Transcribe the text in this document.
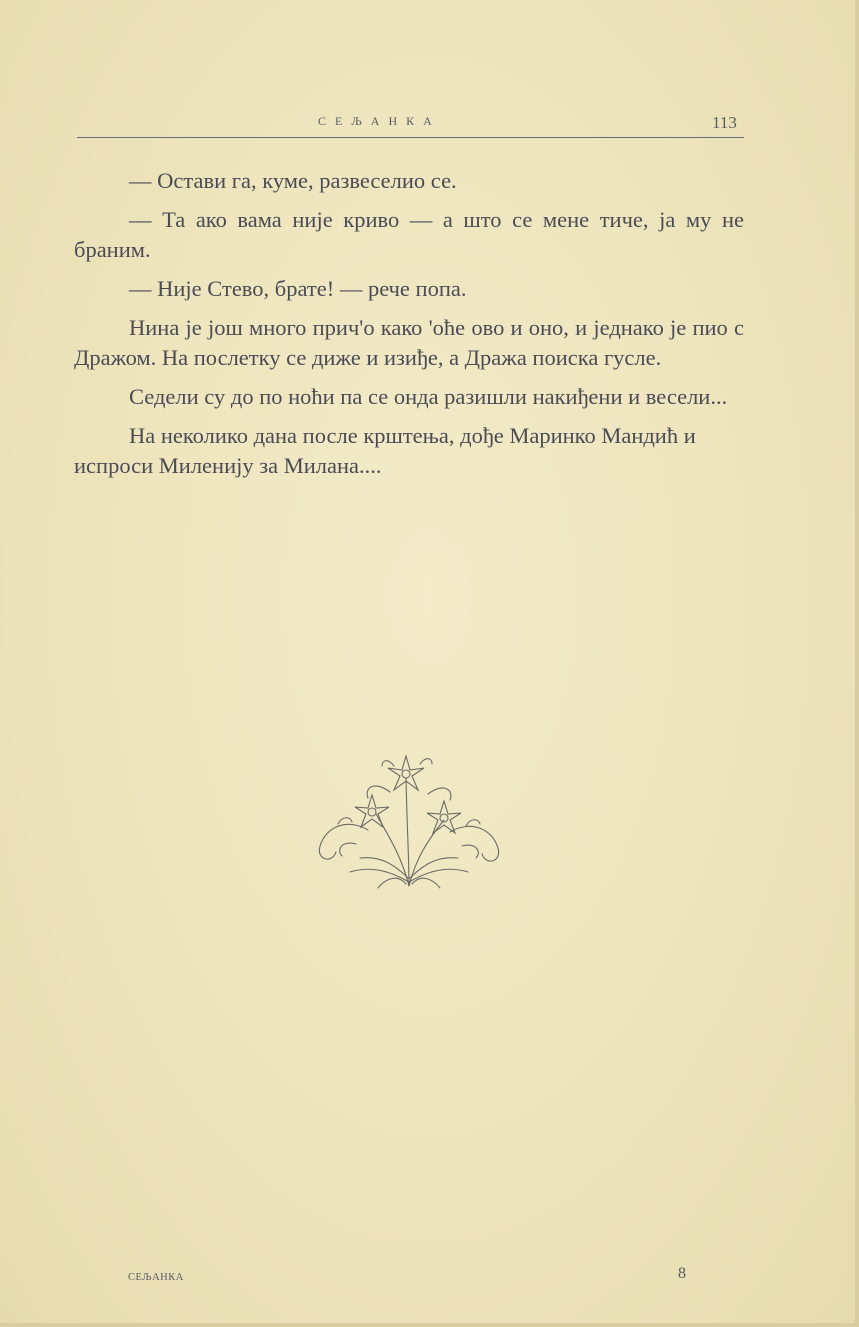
СЕЉАНКА	113

— Остави га, куме, развеселио се.

— Та ако вама није криво — а што се мене тиче, ја му не браним.

— Није Стево, брате! — рече попа.

Нина је још много прич'о како 'оће ово и оно, и једнако је пио с Дражом. На послетку се диже и изиђе, а Дража поиска гусле.

Седели су до по ноћи па се онда разишли накиђени и весели...

На неколико дана после крштења, дође Маринко Мандић и испроси Миленију за Милана....

СЕЉАНКА	8
